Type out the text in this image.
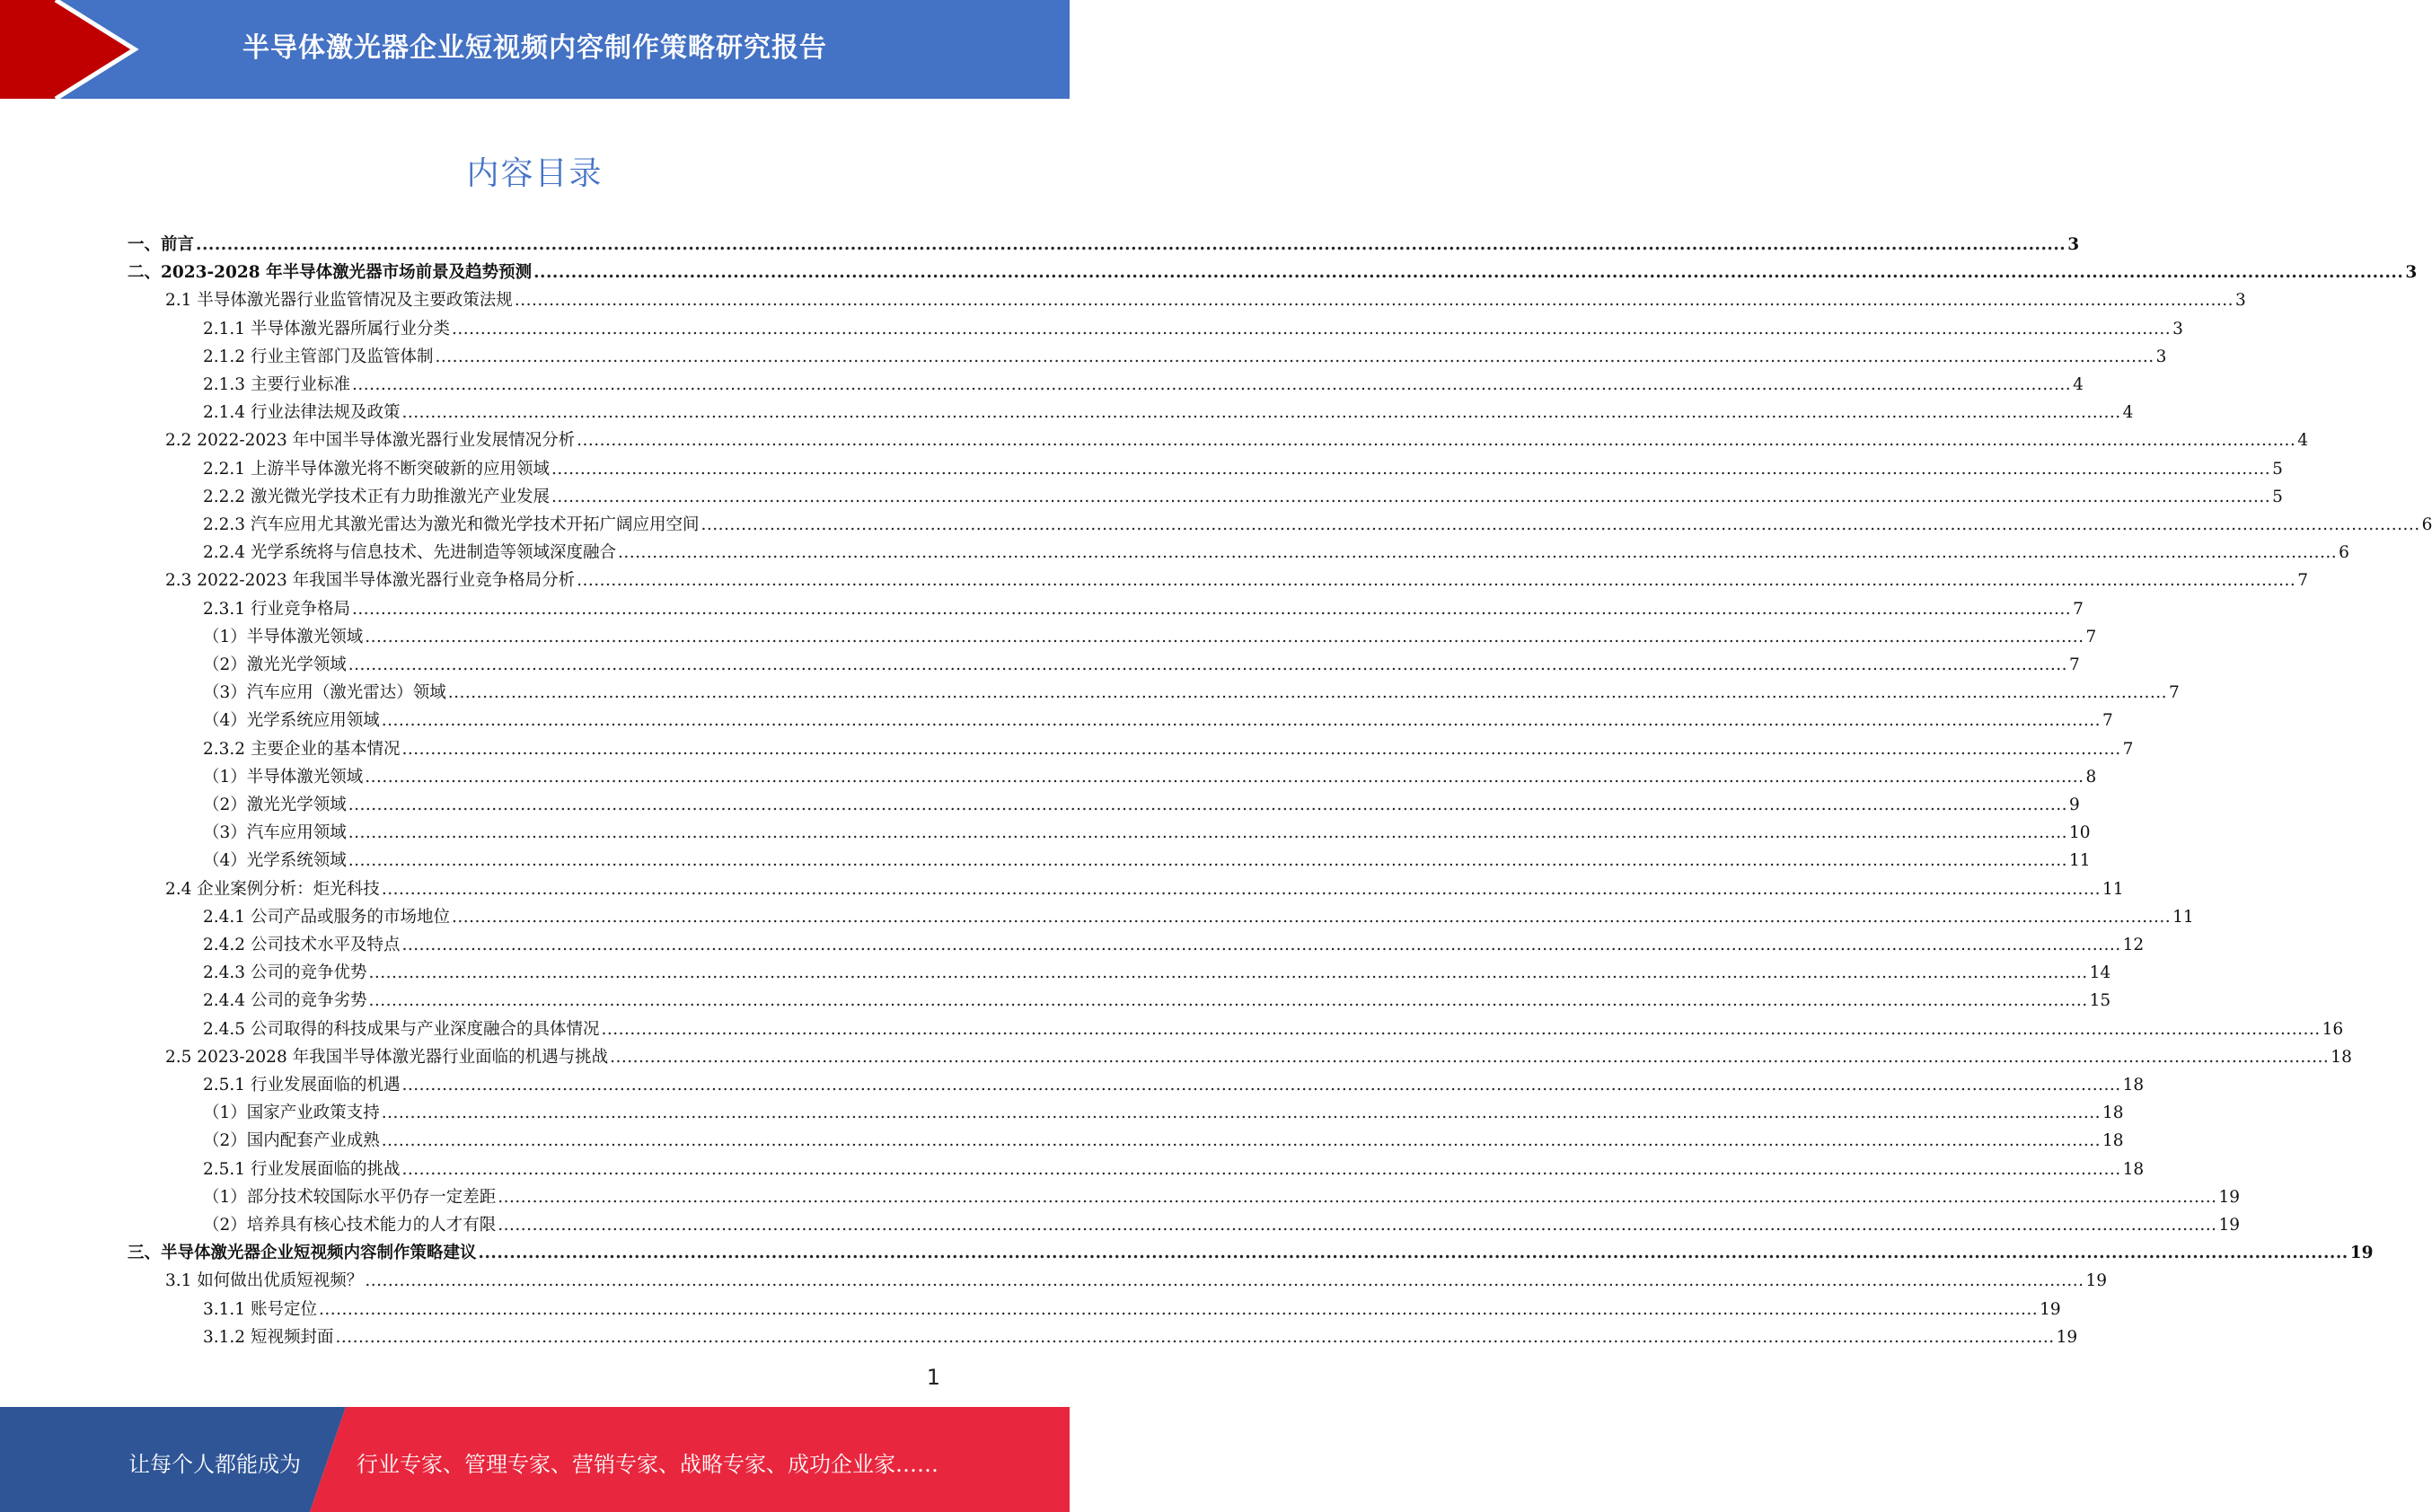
半导体激光器企业短视频内容制作策略研究报告
内容目录
一、前言 ............................................................................................................................................................................................................................................................................................................ 3
二、2023-2028 年半导体激光器市场前景及趋势预测 ............................................................................................................................................................................................................................................................................................................ 3
2.1 半导体激光器行业监管情况及主要政策法规 ............................................................................................................................................................................................................................................................................................................ 3
2.1.1 半导体激光器所属行业分类 ............................................................................................................................................................................................................................................................................................................ 3
2.1.2 行业主管部门及监管体制 ............................................................................................................................................................................................................................................................................................................ 3
2.1.3 主要行业标准 ............................................................................................................................................................................................................................................................................................................ 4
2.1.4 行业法律法规及政策 ............................................................................................................................................................................................................................................................................................................ 4
2.2 2022-2023 年中国半导体激光器行业发展情况分析 ............................................................................................................................................................................................................................................................................................................ 4
2.2.1 上游半导体激光将不断突破新的应用领域 ............................................................................................................................................................................................................................................................................................................ 5
2.2.2 激光微光学技术正有力助推激光产业发展 ............................................................................................................................................................................................................................................................................................................ 5
2.2.3 汽车应用尤其激光雷达为激光和微光学技术开拓广阔应用空间 ............................................................................................................................................................................................................................................................................................................ 6
2.2.4 光学系统将与信息技术、先进制造等领域深度融合 ............................................................................................................................................................................................................................................................................................................ 6
2.3 2022-2023 年我国半导体激光器行业竞争格局分析 ............................................................................................................................................................................................................................................................................................................ 7
2.3.1 行业竞争格局 ............................................................................................................................................................................................................................................................................................................ 7
（1）半导体激光领域 ............................................................................................................................................................................................................................................................................................................ 7
（2）激光光学领域 ............................................................................................................................................................................................................................................................................................................ 7
（3）汽车应用（激光雷达）领域 ............................................................................................................................................................................................................................................................................................................ 7
（4）光学系统应用领域 ............................................................................................................................................................................................................................................................................................................ 7
2.3.2 主要企业的基本情况 ............................................................................................................................................................................................................................................................................................................ 7
（1）半导体激光领域 ............................................................................................................................................................................................................................................................................................................ 8
（2）激光光学领域 ............................................................................................................................................................................................................................................................................................................ 9
（3）汽车应用领域 ............................................................................................................................................................................................................................................................................................................ 10
（4）光学系统领域 ............................................................................................................................................................................................................................................................................................................ 11
2.4 企业案例分析：炬光科技 ............................................................................................................................................................................................................................................................................................................ 11
2.4.1 公司产品或服务的市场地位 ............................................................................................................................................................................................................................................................................................................ 11
2.4.2 公司技术水平及特点 ............................................................................................................................................................................................................................................................................................................ 12
2.4.3 公司的竞争优势 ............................................................................................................................................................................................................................................................................................................ 14
2.4.4 公司的竞争劣势 ............................................................................................................................................................................................................................................................................................................ 15
2.4.5 公司取得的科技成果与产业深度融合的具体情况 ............................................................................................................................................................................................................................................................................................................ 16
2.5 2023-2028 年我国半导体激光器行业面临的机遇与挑战 ............................................................................................................................................................................................................................................................................................................ 18
2.5.1 行业发展面临的机遇 ............................................................................................................................................................................................................................................................................................................ 18
（1）国家产业政策支持 ............................................................................................................................................................................................................................................................................................................ 18
（2）国内配套产业成熟 ............................................................................................................................................................................................................................................................................................................ 18
2.5.1 行业发展面临的挑战 ............................................................................................................................................................................................................................................................................................................ 18
（1）部分技术较国际水平仍存一定差距 ............................................................................................................................................................................................................................................................................................................ 19
（2）培养具有核心技术能力的人才有限 ............................................................................................................................................................................................................................................................................................................ 19
三、半导体激光器企业短视频内容制作策略建议 ............................................................................................................................................................................................................................................................................................................ 19
3.1 如何做出优质短视频？ ............................................................................................................................................................................................................................................................................................................ 19
3.1.1 账号定位 ............................................................................................................................................................................................................................................................................................................ 19
3.1.2 短视频封面 ............................................................................................................................................................................................................................................................................................................ 19
1
让每个人都能成为	行业专家、管理专家、营销专家、战略专家、成功企业家……
